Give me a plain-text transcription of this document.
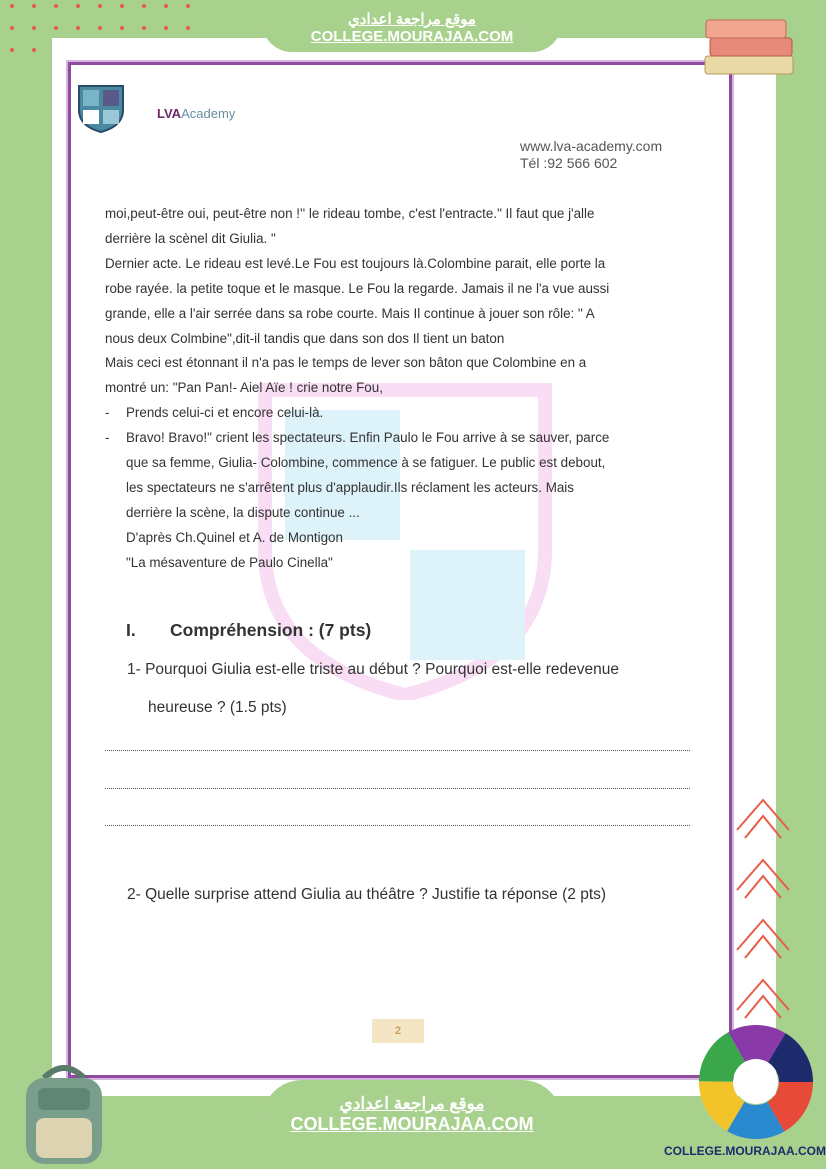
موقع مراجعة اعدادي
COLLEGE.MOURAJAA.COM
LVAAcademy
www.lva-academy.com
Tél :92 566 602

moi,peut-être oui, peut-être non !'' le rideau tombe, c'est l'entracte." Il faut que j'alle

derrière la scènel dit Giulia. "

Dernier acte. Le rideau est levé.Le Fou est toujours là.Colombine parait, elle porte la

robe rayée. la petite toque et le masque. Le Fou la regarde. Jamais il ne l'a vue aussi

grande, elle a l'air serrée dans sa robe courte. Mais Il continue à jouer son rôle: " A

nous deux Colmbine",dit-il tandis que dans son dos Il tient un baton

Mais ceci est étonnant il n'a pas le temps de lever son bâton que Colombine en a

montré un: "Pan Pan!- Aiel Aïe ! crie notre Fou,

- Prends celui-ci et encore celui-là.

- Bravo! Bravo!" crient les spectateurs. Enfin Paulo le Fou arrive à se sauver, parce

que sa femme, Giulia- Colombine, commence à se fatiguer. Le public est debout,

les spectateurs ne s'arrêtent plus d'applaudir.Ils réclament les acteurs. Mais

derrière la scène, la dispute continue ...

D'après Ch.Quinel et A. de Montigon

"La mésaventure de Paulo Cinella"

I. Compréhension : (7 pts)
1- Pourquoi Giulia est-elle triste au début ? Pourquoi est-elle redevenue
heureuse ? (1.5 pts)
2- Quelle surprise attend Giulia au théâtre ? Justifie ta réponse (2 pts)
2
COLLEGE.MOURAJAA.COM
موقع مراجعة اعدادي
COLLEGE.MOURAJAA.COM
